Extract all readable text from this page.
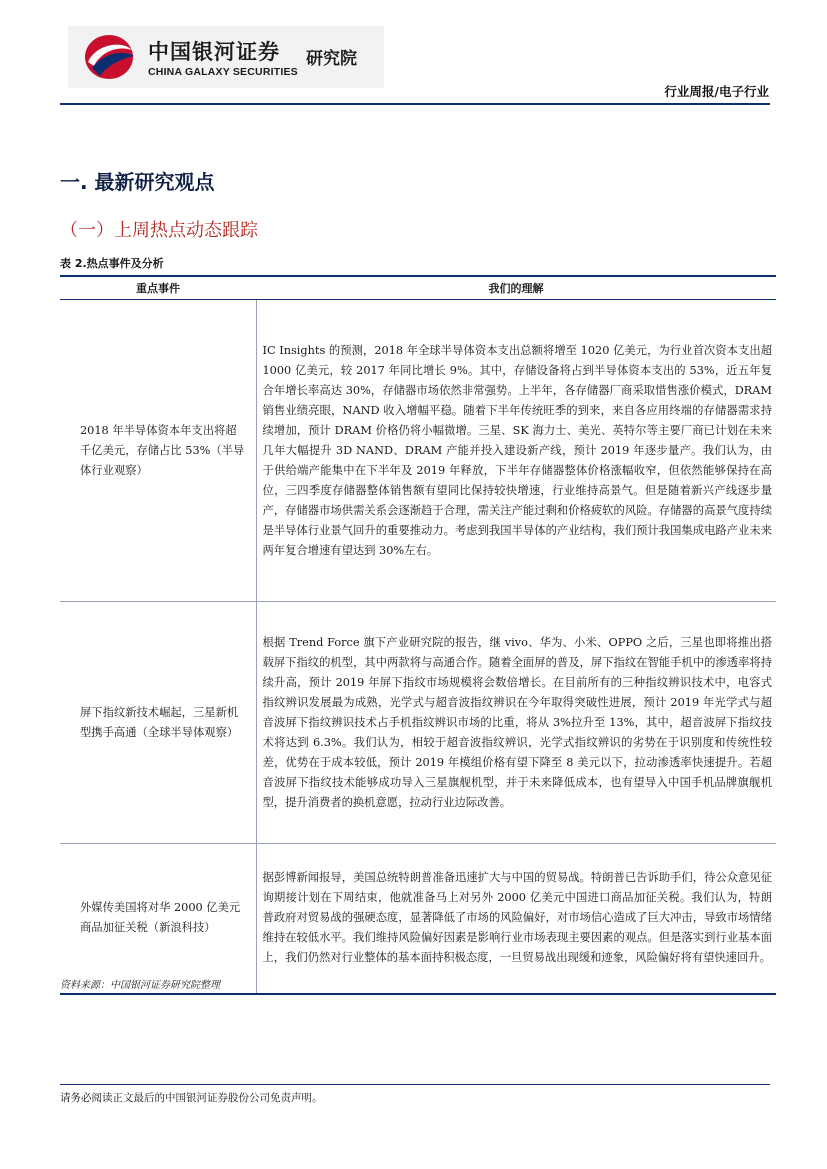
中国银河证券
CHINA GALAXY SECURITIES
研究院
行业周报/电子行业
一. 最新研究观点
（一）上周热点动态跟踪
表 2.热点事件及分析
重点事件	我们的理解
2018 年半导体资本年支出将超千亿美元，存储占比 53%（半导体行业观察）	IC Insights 的预测，2018 年全球半导体资本支出总额将增至 1020 亿美元，为行业首次资本支出超 1000 亿美元，较 2017 年同比增长 9%。其中，存储设备将占到半导体资本支出的 53%，近五年复合年增长率高达 30%，存储器市场依然非常强势。上半年，各存储器厂商采取惜售涨价模式，DRAM 销售业绩亮眼，NAND 收入增幅平稳。随着下半年传统旺季的到来，来自各应用终端的存储器需求持续增加，预计 DRAM 价格仍将小幅微增。三星、SK 海力士、美光、英特尔等主要厂商已计划在未来几年大幅提升 3D NAND、DRAM 产能并投入建设新产线，预计 2019 年逐步量产。我们认为，由于供给端产能集中在下半年及 2019 年释放，下半年存储器整体价格涨幅收窄，但依然能够保持在高位，三四季度存储器整体销售额有望同比保持较快增速，行业维持高景气。但是随着新兴产线逐步量产，存储器市场供需关系会逐渐趋于合理，需关注产能过剩和价格疲软的风险。存储器的高景气度持续是半导体行业景气回升的重要推动力。考虑到我国半导体的产业结构，我们预计我国集成电路产业未来两年复合增速有望达到 30%左右。
屏下指纹新技术崛起，三星新机型携手高通（全球半导体观察）	根据 Trend Force 旗下产业研究院的报告，继 vivo、华为、小米、OPPO 之后，三星也即将推出搭载屏下指纹的机型，其中两款将与高通合作。随着全面屏的普及，屏下指纹在智能手机中的渗透率将持续升高，预计 2019 年屏下指纹市场规模将会数倍增长。在目前所有的三种指纹辨识技术中，电容式指纹辨识发展最为成熟，光学式与超音波指纹辨识在今年取得突破性进展，预计 2019 年光学式与超音波屏下指纹辨识技术占手机指纹辨识市场的比重，将从 3%拉升至 13%，其中，超音波屏下指纹技术将达到 6.3%。我们认为，相较于超音波指纹辨识，光学式指纹辨识的劣势在于识别度和传统性较差，优势在于成本较低，预计 2019 年模组价格有望下降至 8 美元以下，拉动渗透率快速提升。若超音波屏下指纹技术能够成功导入三星旗舰机型，并于未来降低成本，也有望导入中国手机品牌旗舰机型，提升消费者的换机意愿，拉动行业边际改善。
外媒传美国将对华 2000 亿美元商品加征关税（新浪科技）	据彭博新闻报导，美国总统特朗普准备迅速扩大与中国的贸易战。特朗普已告诉助手们，待公众意见征询期接计划在下周结束，他就准备马上对另外 2000 亿美元中国进口商品加征关税。我们认为，特朗普政府对贸易战的强硬态度，显著降低了市场的风险偏好，对市场信心造成了巨大冲击，导致市场情绪维持在较低水平。我们维持风险偏好因素是影响行业市场表现主要因素的观点。但是落实到行业基本面上，我们仍然对行业整体的基本面持积极态度，一旦贸易战出现缓和迹象，风险偏好将有望快速回升。
资料来源：中国银河证券研究院整理
请务必阅读正文最后的中国银河证券股份公司免责声明。
